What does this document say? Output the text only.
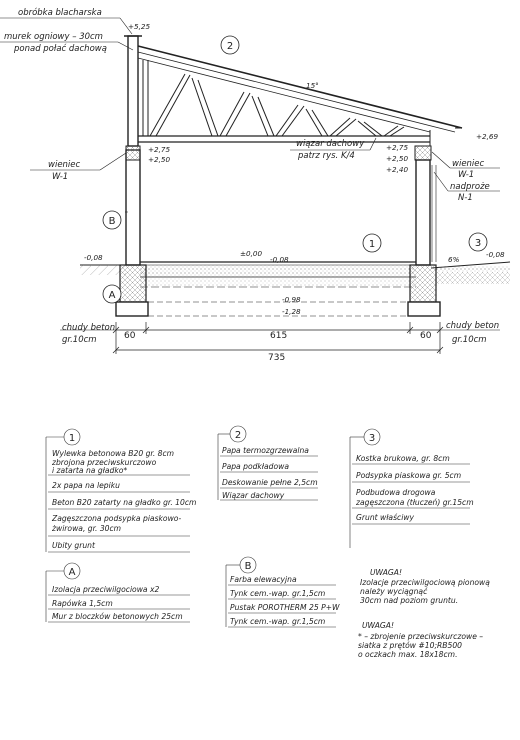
obróbka blacharska
murek ogniowy – 30cm
ponad połać dachową
+5,25
+2,75
+2,50
wieniec
W-1
wiązar dachowy
patrz rys. K/4
15°
+2,75
+2,50
+2,40
+2,69
wieniec
W-1
nadproże
N-1
±0,00
-0,08
-0,08	-0,08
6%
-0,98
-1,28
chudy beton
gr.10cm
chudy beton
gr.10cm
60	615	60
735
2
1	3
A
B
1	2	3
A
B
Wylewka betonowa B20 gr. 8cm
zbrojona przeciwskurczowo
i zatarta na gładko*
2x papa na lepiku
Beton B20 zatarty na gładko gr. 10cm
Zagęszczona podsypka piaskowo-
żwirowa, gr. 30cm
Ubity grunt
Papa termozgrzewalna
Papa podkładowa
Deskowanie pełne 2,5cm
Wiązar dachowy
Kostka brukowa, gr. 8cm
Podsypka piaskowa gr. 5cm
Podbudowa drogowa
zagęszczona (tłuczeń) gr.15cm
Grunt właściwy
Izolacja przeciwilgociowa x2
Rapówka 1,5cm
Mur z bloczków betonowych 25cm
Farba elewacyjna
Tynk cem.-wap. gr.1,5cm
Pustak POROTHERM 25 P+W
Tynk cem.-wap. gr.1,5cm
UWAGA!
Izolacje przeciwilgociową pionową
należy wyciągnąć
30cm nad poziom gruntu.
UWAGA!
* – zbrojenie przeciwskurczowe –
siatka z prętów #10;RB500
o oczkach max. 18x18cm.
